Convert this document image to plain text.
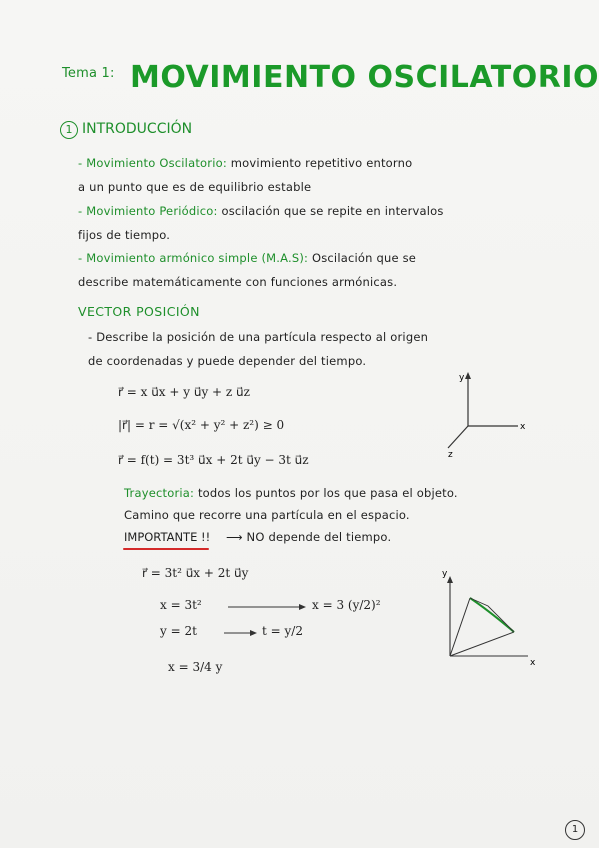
Tema 1: MOVIMIENTO OSCILATORIO
1 INTRODUCCIÓN
- Movimiento Oscilatorio: movimiento repetitivo entorno
a un punto que es de equilibrio estable
- Movimiento Periódico: oscilación que se repite en intervalos
fijos de tiempo.
- Movimiento armónico simple (M.A.S): Oscilación que se
describe matemáticamente con funciones armónicas.
VECTOR POSICIÓN
- Describe la posición de una partícula respecto al origen
de coordenadas y puede depender del tiempo.
r⃗ = x u⃗x + y u⃗y + z u⃗z
|r⃗| = r = √(x² + y² + z²) ≥ 0
r⃗ = f(t) = 3t³ u⃗x + 2t u⃗y − 3t u⃗z
y
x
z
Trayectoria: todos los puntos por los que pasa el objeto.
Camino que recorre una partícula en el espacio.
IMPORTANTE !! ⟶ NO depende del tiempo.
r⃗ = 3t² u⃗x + 2t u⃗y
x = 3t²	x = 3 (y/2)²
y = 2t	t = y/2
x = 3/4 y
y
x
1
